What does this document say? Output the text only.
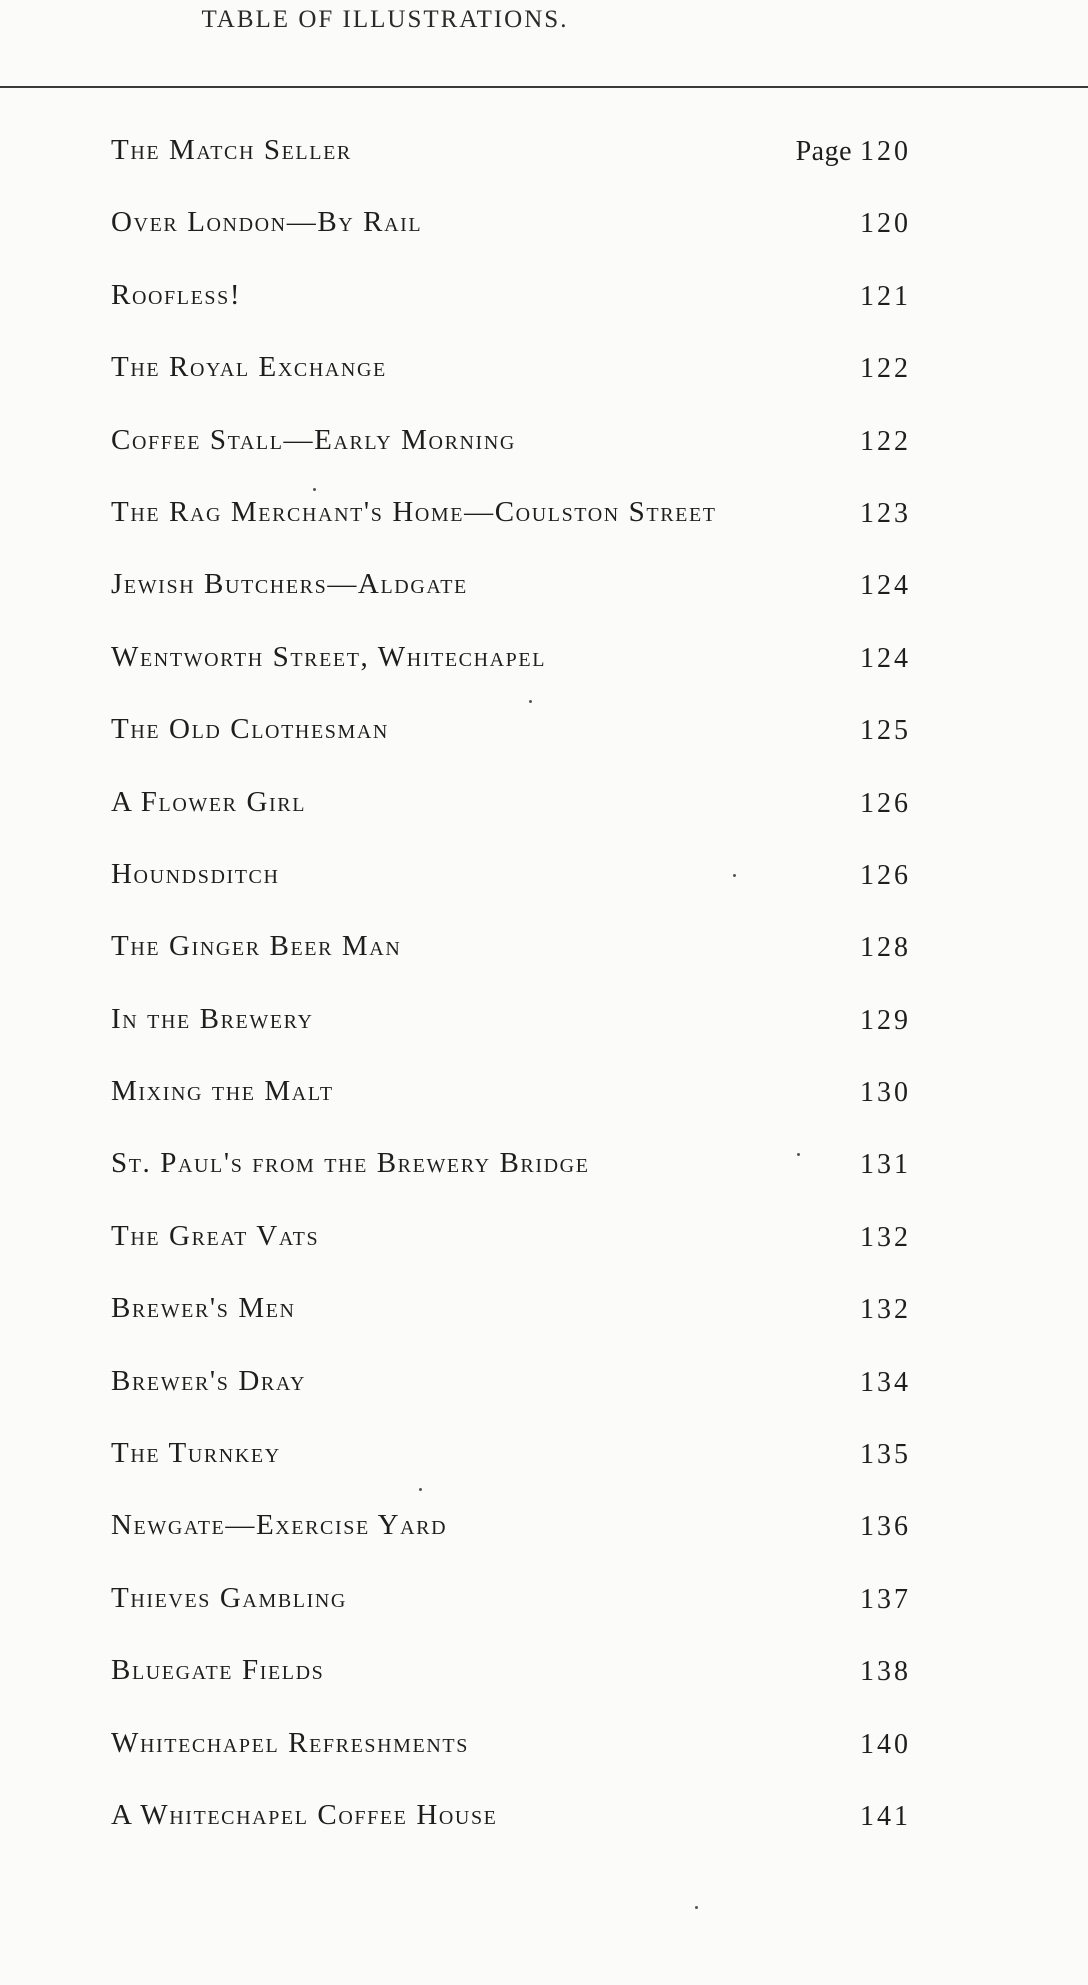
TABLE OF ILLUSTRATIONS.
The Match Seller	Page 120
Over London—By Rail	120
Roofless!	121
The Royal Exchange	122
Coffee Stall—Early Morning	122
The Rag Merchant's Home—Coulston Street	123
Jewish Butchers—Aldgate	124
Wentworth Street, Whitechapel	124
The Old Clothesman	125
A Flower Girl	126
Houndsditch	126
The Ginger Beer Man	128
In the Brewery	129
Mixing the Malt	130
St. Paul's from the Brewery Bridge	131
The Great Vats	132
Brewer's Men	132
Brewer's Dray	134
The Turnkey	135
Newgate—Exercise Yard	136
Thieves Gambling	137
Bluegate Fields	138
Whitechapel Refreshments	140
A Whitechapel Coffee House	141
